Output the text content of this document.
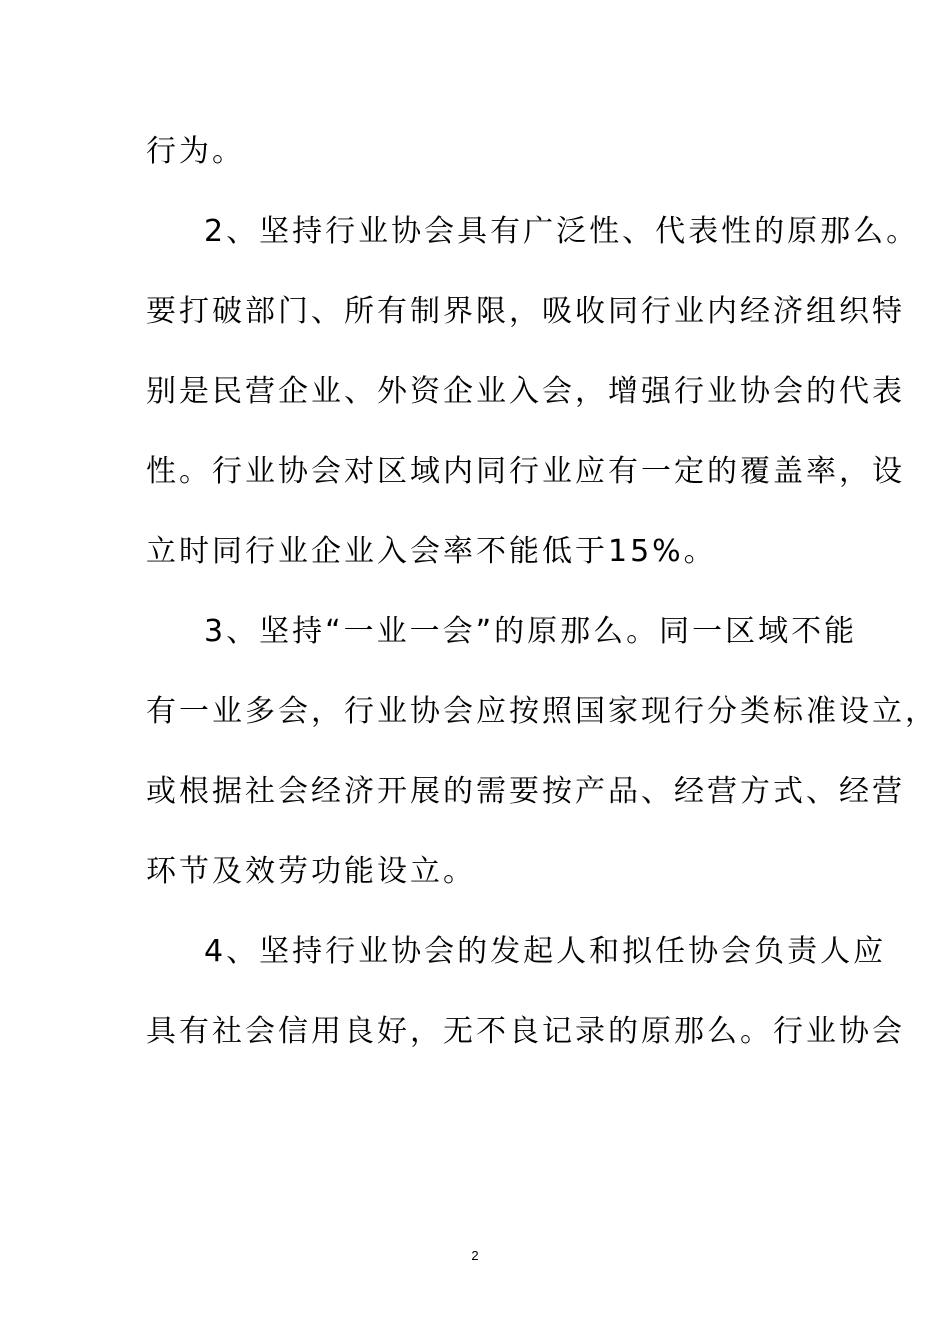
行为。
2、坚持行业协会具有广泛性、代表性的原那么。
要打破部门、所有制界限，吸收同行业内经济组织特
别是民营企业、外资企业入会，增强行业协会的代表
性。行业协会对区域内同行业应有一定的覆盖率，设
立时同行业企业入会率不能低于15%。
3、坚持“一业一会”的原那么。同一区域不能
有一业多会，行业协会应按照国家现行分类标准设立，
或根据社会经济开展的需要按产品、经营方式、经营
环节及效劳功能设立。
4、坚持行业协会的发起人和拟任协会负责人应
具有社会信用良好，无不良记录的原那么。行业协会
2
